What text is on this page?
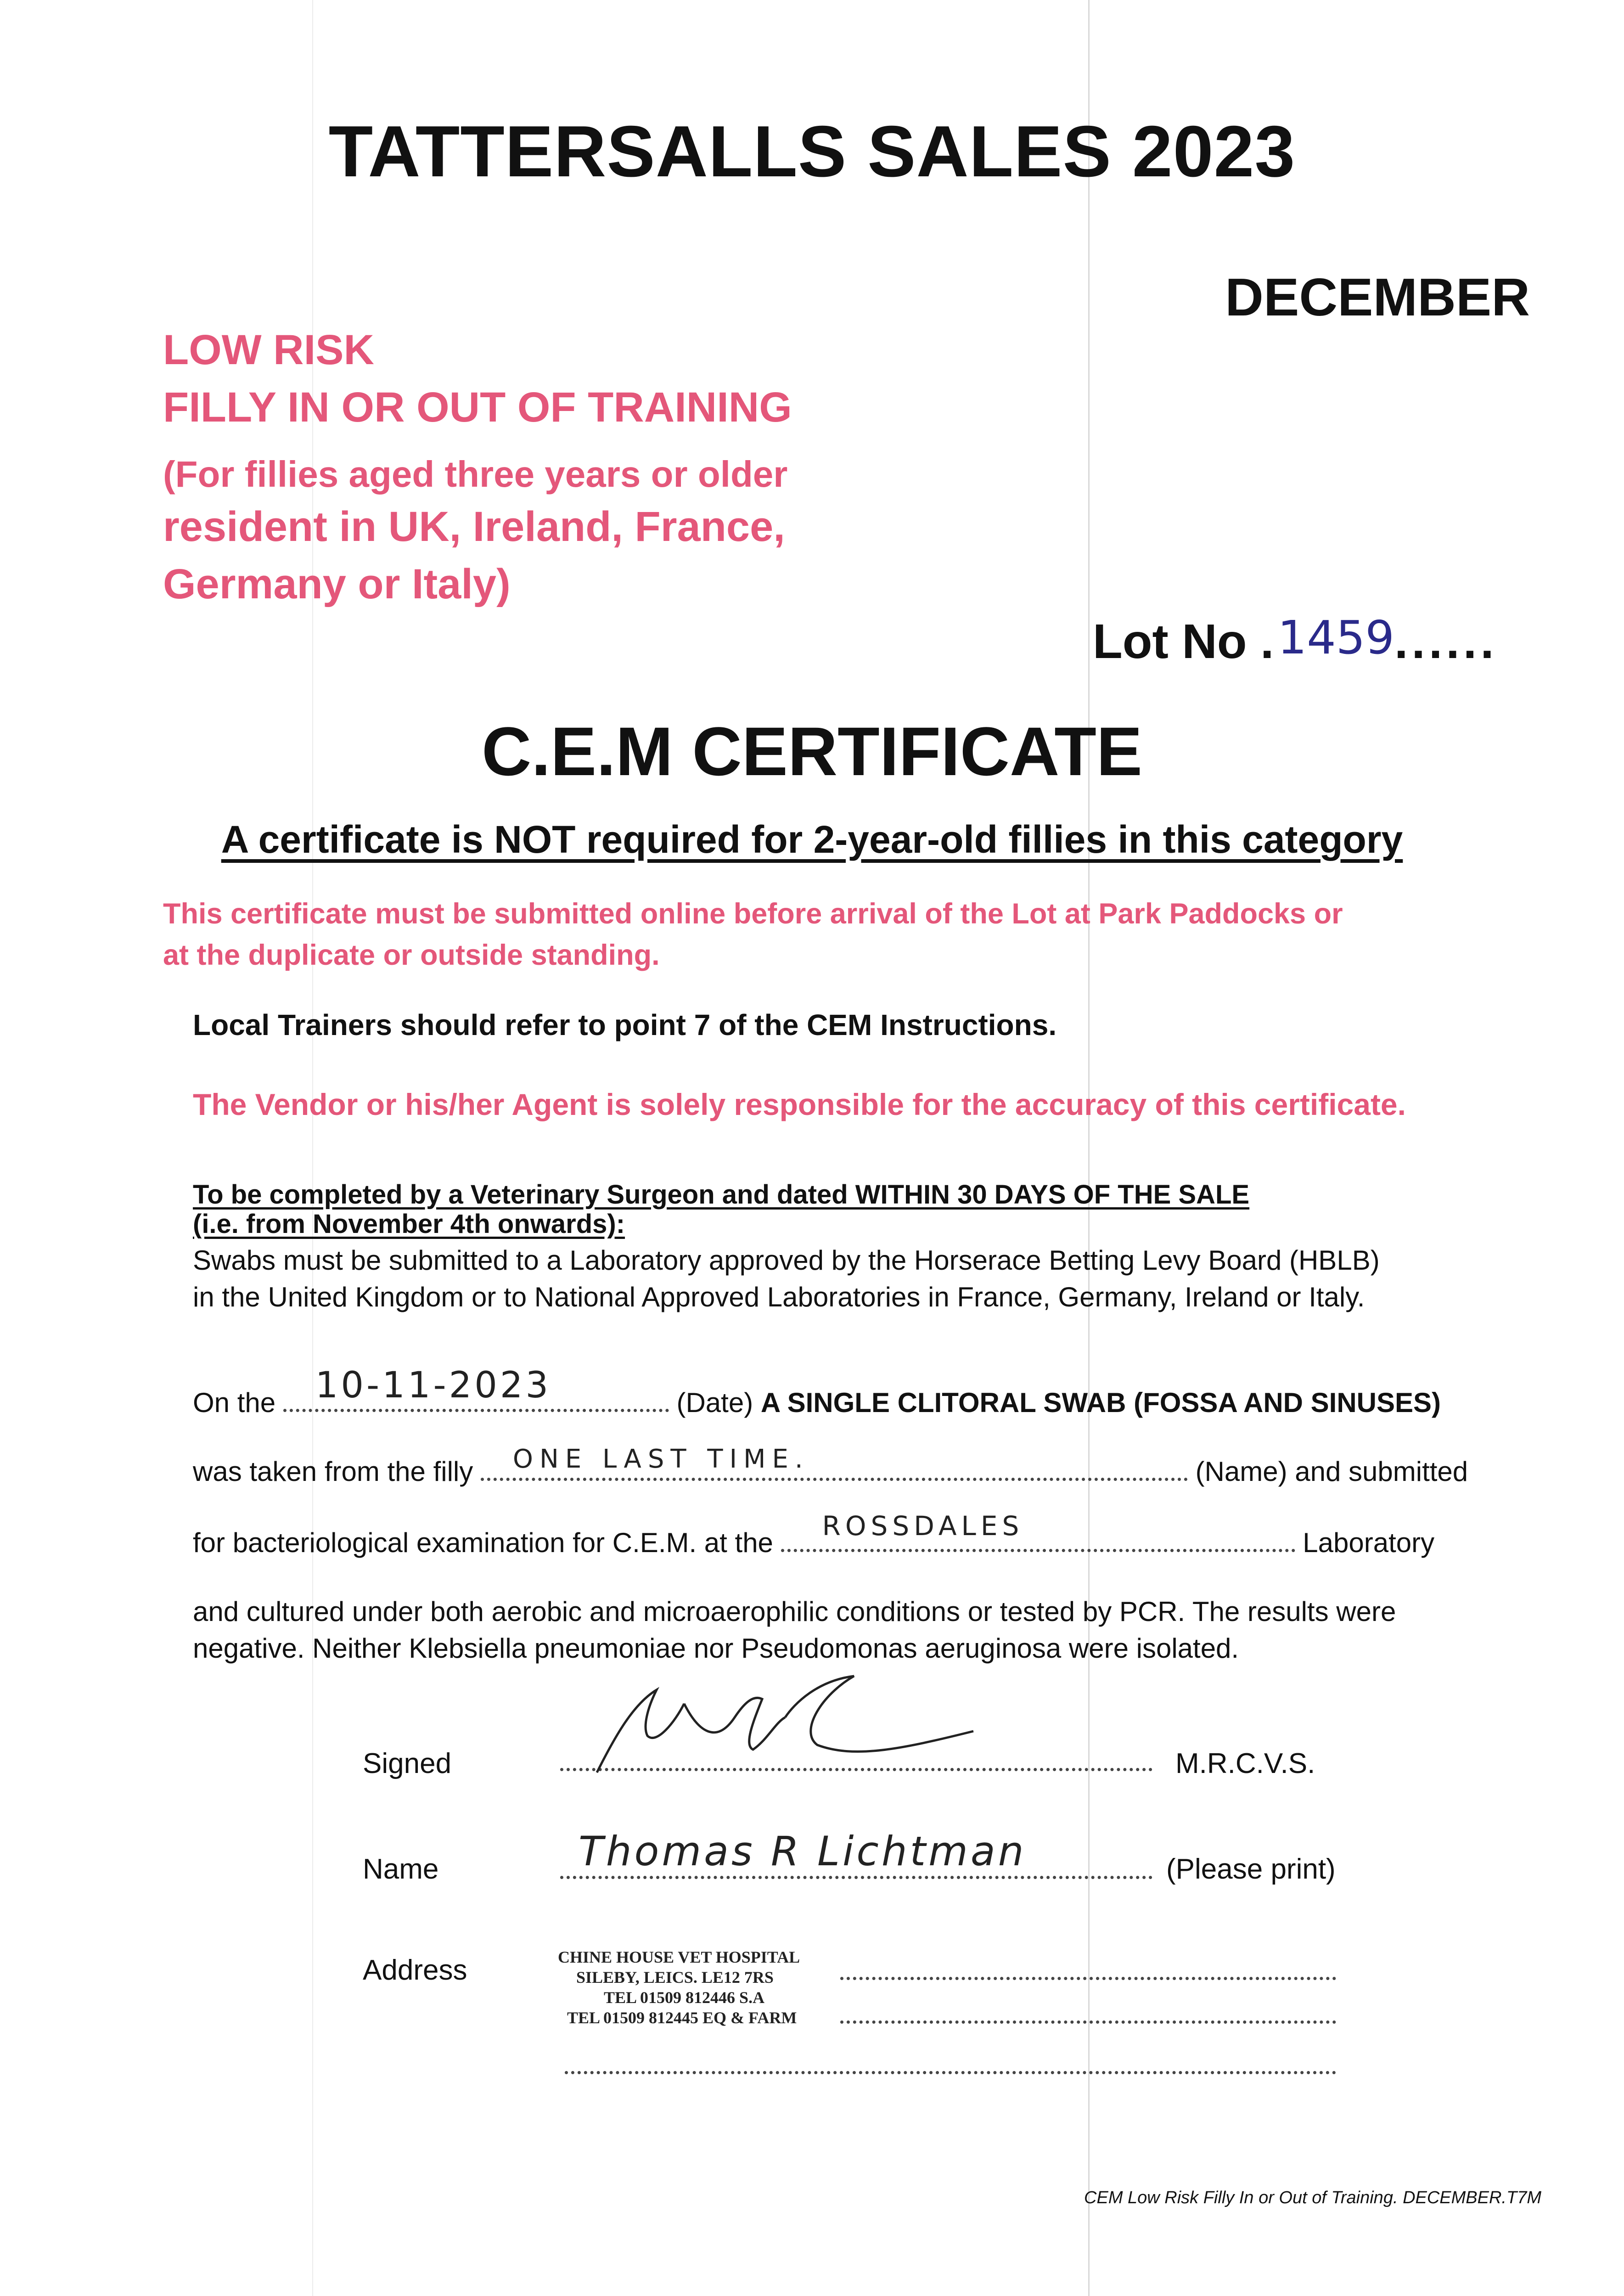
TATTERSALLS SALES 2023
DECEMBER
LOW RISK
FILLY IN OR OUT OF TRAINING
(For fillies aged three years or older
resident in UK, Ireland, France,
Germany or Italy)
Lot No .1459......
C.E.M CERTIFICATE
A certificate is NOT required for 2-year-old fillies in this category
This certificate must be submitted online before arrival of the Lot at Park Paddocks or
at the duplicate or outside standing.
Local Trainers should refer to point 7 of the CEM Instructions.
The Vendor or his/her Agent is solely responsible for the accuracy of this certificate.
To be completed by a Veterinary Surgeon and dated WITHIN 30 DAYS OF THE SALE
(i.e. from November 4th onwards):
Swabs must be submitted to a Laboratory approved by the Horserace Betting Levy Board (HBLB)
in the United Kingdom or to National Approved Laboratories in France, Germany, Ireland or Italy.
On the 10-11-2023	(Date) A SINGLE CLITORAL SWAB (FOSSA AND SINUSES)
was taken from the filly ONE LAST TIME.	(Name) and submitted
for bacteriological examination for C.E.M. at the
ROSSDALES
Laboratory
and cultured under both aerobic and microaerophilic conditions or tested by PCR. The results were
negative. Neither Klebsiella pneumoniae nor Pseudomonas aeruginosa were isolated.
Signed	M.R.C.V.S.
Name	Thomas R Lichtman	(Please print)
Address	CHINE HOUSE VET HOSPITAL
SILEBY, LEICS. LE12 7RS
TEL 01509 812446 S.A
TEL 01509 812445 EQ & FARM
CEM Low Risk Filly In or Out of Training. DECEMBER.T7M
